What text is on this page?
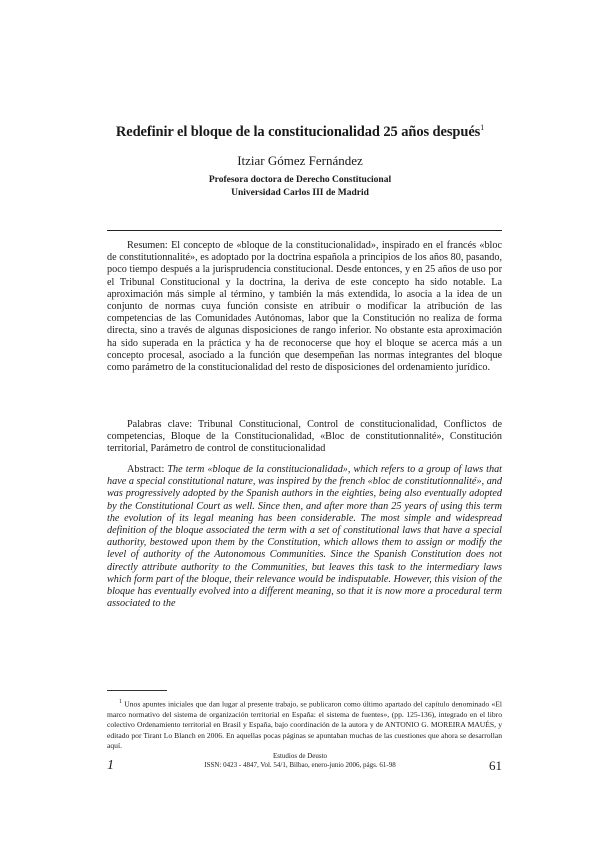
Redefinir el bloque de la constitucionalidad 25 años después$^1$
Itziar Gómez Fernández
Profesora doctora de Derecho Constitucional
Universidad Carlos III de Madrid
Resumen: El concepto de «bloque de la constitucionalidad», inspirado en el francés «bloc de constitutionnalité», es adoptado por la doctrina española a principios de los años 80, pasando, poco tiempo después a la jurisprudencia constitucional. Desde entonces, y en 25 años de uso por el Tribunal Constitucional y la doctrina, la deriva de este concepto ha sido notable. La aproximación más simple al término, y también la más extendida, lo asocia a la idea de un conjunto de normas cuya función consiste en atribuir o modificar la atribución de las competencias de las Comunidades Autónomas, labor que la Constitución no realiza de forma directa, sino a través de algunas disposiciones de rango inferior. No obstante esta aproximación ha sido superada en la práctica y ha de reconocerse que hoy el bloque se acerca más a un concepto procesal, asociado a la función que desempeñan las normas integrantes del bloque como parámetro de la constitucionalidad del resto de disposiciones del ordenamiento jurídico.
Palabras clave: Tribunal Constitucional, Control de constitucionalidad, Conflictos de competencias, Bloque de la Constitucionalidad, «Bloc de constitutionnalité», Constitución territorial, Parámetro de control de constitucionalidad
Abstract: The term «bloque de la constitucionalidad», which refers to a group of laws that have a special constitutional nature, was inspired by the french «bloc de constitutionnalité», and was progressively adopted by the Spanish authors in the eighties, being also eventually adopted by the Constitutional Court as well. Since then, and after more than 25 years of using this term the evolution of its legal meaning has been considerable. The most simple and widespread definition of the bloque associated the term with a set of constitutional laws that have a special authority, bestowed upon them by the Constitution, which allows them to assign or modify the level of authority of the Autonomous Communities. Since the Spanish Constitution does not directly attribute authority to the Communities, but leaves this task to the intermediary laws which form part of the bloque, their relevance would be indisputable. However, this vision of the bloque has eventually evolved into a different meaning, so that it is now more a procedural term associated to the
$^1$ Unos apuntes iniciales que dan lugar al presente trabajo, se publicaron como último apartado del capítulo denominado «El marco normativo del sistema de organización territorial en España: el sistema de fuentes», (pp. 125-136), integrado en el libro colectivo Ordenamiento territorial en Brasil y España, bajo coordinación de la autora y de ANTONIO G. MOREIRA MAUÉS, y editado por Tirant Lo Blanch en 2006. En aquellas pocas páginas se apuntaban muchas de las cuestiones que ahora se desarrollan aquí.
1
Estudios de Deusto
ISSN: 0423 - 4847, Vol. 54/1, Bilbao, enero-junio 2006, págs. 61-98	61
